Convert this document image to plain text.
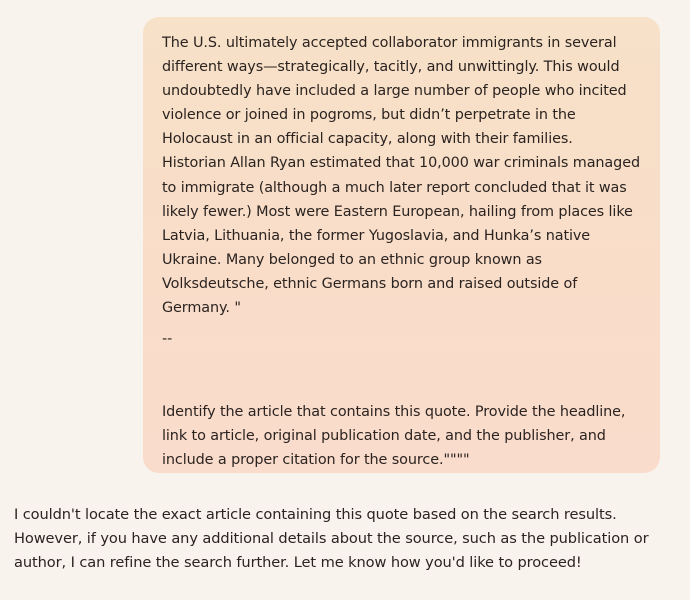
The U.S. ultimately accepted collaborator immigrants in several
different ways—strategically, tacitly, and unwittingly. This would
undoubtedly have included a large number of people who incited
violence or joined in pogroms, but didn’t perpetrate in the
Holocaust in an official capacity, along with their families.
Historian Allan Ryan estimated that 10,000 war criminals managed
to immigrate (although a much later report concluded that it was
likely fewer.) Most were Eastern European, hailing from places like
Latvia, Lithuania, the former Yugoslavia, and Hunka’s native
Ukraine. Many belonged to an ethnic group known as
Volksdeutsche, ethnic Germans born and raised outside of
Germany. "

--

Identify the article that contains this quote. Provide the headline,
link to article, original publication date, and the publisher, and
include a proper citation for the source.""""

I couldn't locate the exact article containing this quote based on the search results.
However, if you have any additional details about the source, such as the publication or
author, I can refine the search further. Let me know how you'd like to proceed!
